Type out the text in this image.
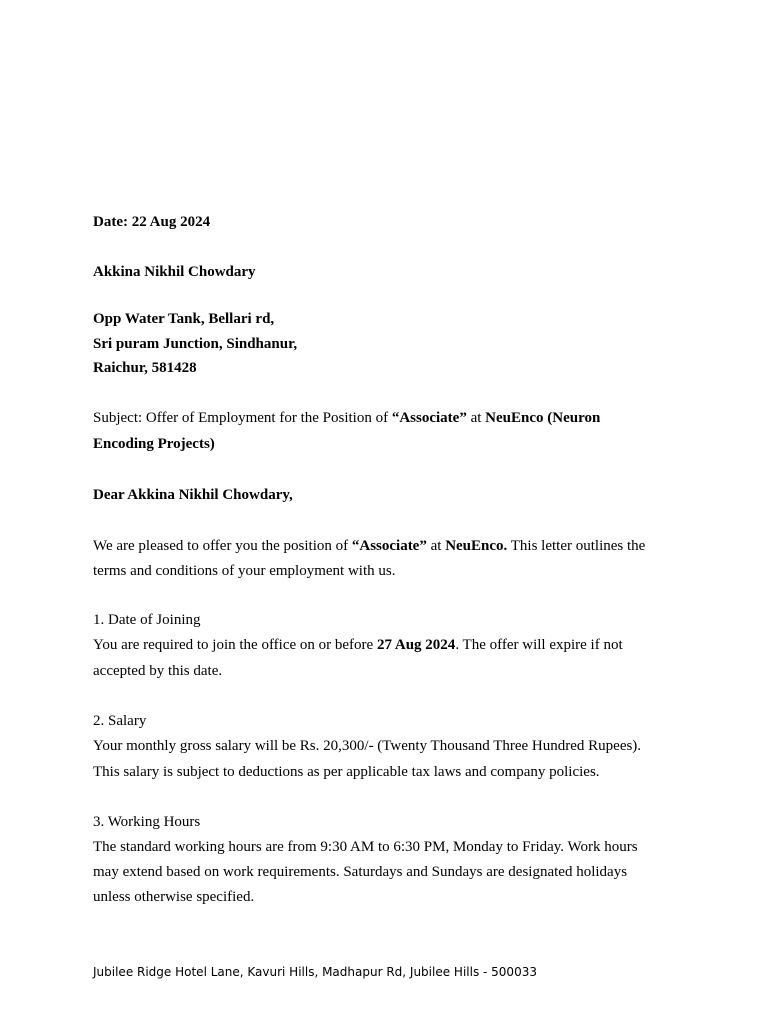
Date: 22 Aug 2024
Akkina Nikhil Chowdary
Opp Water Tank, Bellari rd,
Sri puram Junction, Sindhanur,
Raichur, 581428
Subject: Offer of Employment for the Position of “Associate” at NeuEnco (Neuron
Encoding Projects)
Dear Akkina Nikhil Chowdary,
We are pleased to offer you the position of “Associate” at NeuEnco. This letter outlines the
terms and conditions of your employment with us.
1. Date of Joining
You are required to join the office on or before 27 Aug 2024. The offer will expire if not
accepted by this date.
2. Salary
Your monthly gross salary will be Rs. 20,300/- (Twenty Thousand Three Hundred Rupees).
This salary is subject to deductions as per applicable tax laws and company policies.
3. Working Hours
The standard working hours are from 9:30 AM to 6:30 PM, Monday to Friday. Work hours
may extend based on work requirements. Saturdays and Sundays are designated holidays
unless otherwise specified.
Jubilee Ridge Hotel Lane, Kavuri Hills, Madhapur Rd, Jubilee Hills - 500033
